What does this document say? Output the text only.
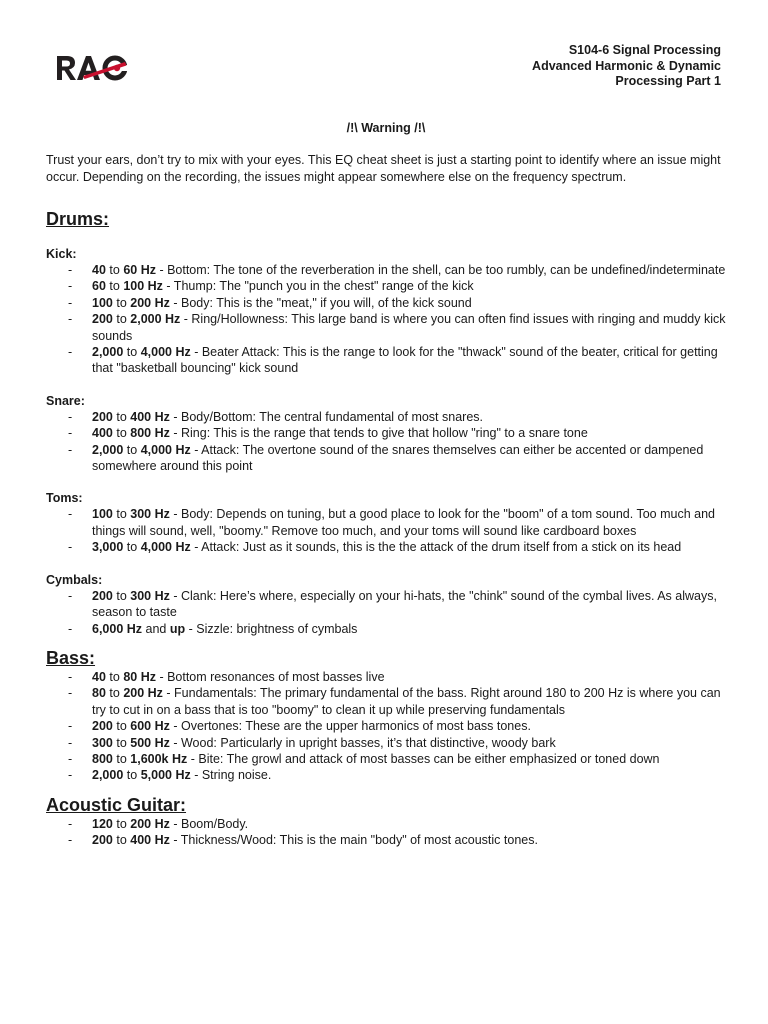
S104-6 Signal Processing
Advanced Harmonic & Dynamic
Processing Part 1

/!\ Warning /!\

Trust your ears, don’t try to mix with your eyes. This EQ cheat sheet is just a starting point to identify where an issue might occur. Depending on the recording, the issues might appear somewhere else on the frequency spectrum.

Drums:

Kick:

- 40 to 60 Hz - Bottom: The tone of the reverberation in the shell, can be too rumbly, can be undefined/indeterminate
- 60 to 100 Hz - Thump: The "punch you in the chest" range of the kick
- 100 to 200 Hz - Body: This is the "meat," if you will, of the kick sound
- 200 to 2,000 Hz - Ring/Hollowness: This large band is where you can often find issues with ringing and muddy kick sounds
- 2,000 to 4,000 Hz - Beater Attack: This is the range to look for the "thwack" sound of the beater, critical for getting that "basketball bouncing" kick sound

Snare:

- 200 to 400 Hz - Body/Bottom: The central fundamental of most snares.
- 400 to 800 Hz - Ring: This is the range that tends to give that hollow "ring" to a snare tone
- 2,000 to 4,000 Hz - Attack: The overtone sound of the snares themselves can either be accented or dampened somewhere around this point

Toms:

- 100 to 300 Hz - Body: Depends on tuning, but a good place to look for the "boom" of a tom sound. Too much and things will sound, well, "boomy." Remove too much, and your toms will sound like cardboard boxes
- 3,000 to 4,000 Hz - Attack: Just as it sounds, this is the the attack of the drum itself from a stick on its head

Cymbals:

- 200 to 300 Hz - Clank: Here’s where, especially on your hi-hats, the "chink" sound of the cymbal lives. As always, season to taste
- 6,000 Hz and up - Sizzle: brightness of cymbals
Bass:
- 40 to 80 Hz - Bottom resonances of most basses live
- 80 to 200 Hz - Fundamentals: The primary fundamental of the bass. Right around 180 to 200 Hz is where you can try to cut in on a bass that is too "boomy" to clean it up while preserving fundamentals
- 200 to 600 Hz - Overtones: These are the upper harmonics of most bass tones.
- 300 to 500 Hz - Wood: Particularly in upright basses, it’s that distinctive, woody bark
- 800 to 1,600k Hz - Bite: The growl and attack of most basses can be either emphasized or toned down
- 2,000 to 5,000 Hz - String noise.
Acoustic Guitar:
- 120 to 200 Hz - Boom/Body.
- 200 to 400 Hz - Thickness/Wood: This is the main "body" of most acoustic tones.
